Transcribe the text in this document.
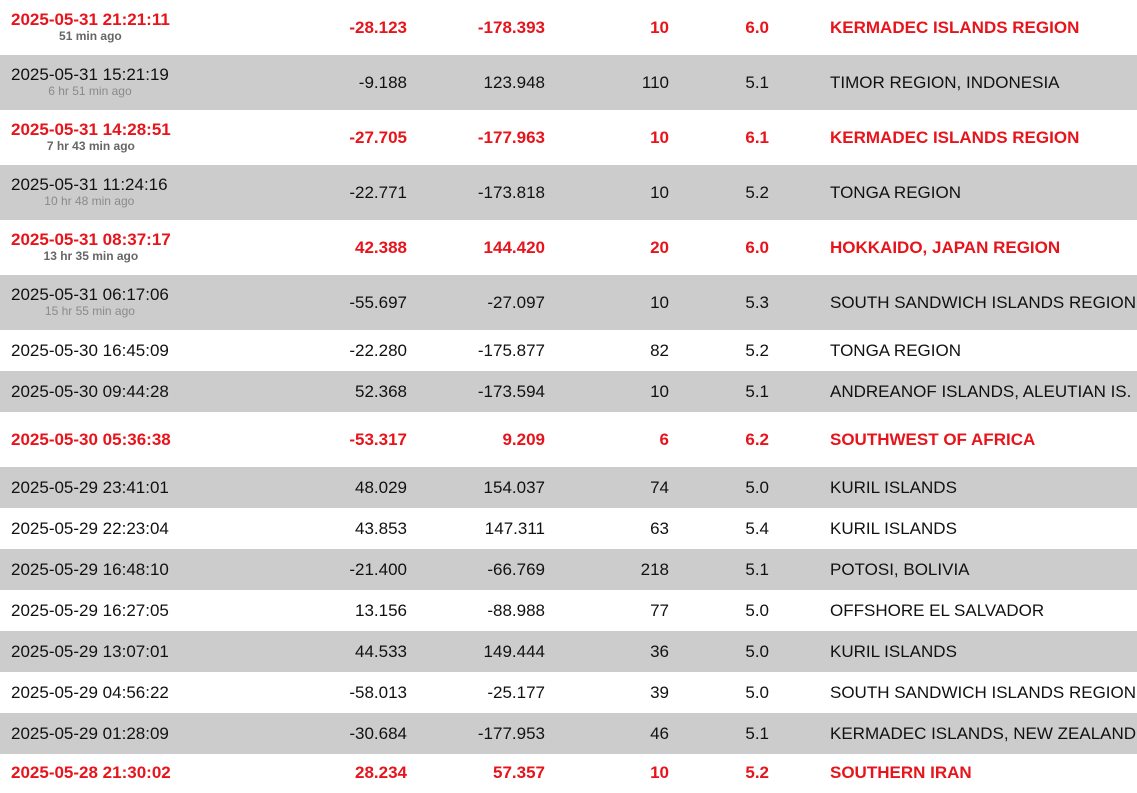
2025-05-31 21:21:11
51 min ago	-28.123	-178.393	10	6.0	KERMADEC ISLANDS REGION

2025-05-31 15:21:19
6 hr 51 min ago	-9.188	123.948	110	5.1	TIMOR REGION, INDONESIA

2025-05-31 14:28:51
7 hr 43 min ago	-27.705	-177.963	10	6.1	KERMADEC ISLANDS REGION

2025-05-31 11:24:16
10 hr 48 min ago	-22.771	-173.818	10	5.2	TONGA REGION

2025-05-31 08:37:17
13 hr 35 min ago	42.388	144.420	20	6.0	HOKKAIDO, JAPAN REGION

2025-05-31 06:17:06
15 hr 55 min ago	-55.697	-27.097	10	5.3	SOUTH SANDWICH ISLANDS REGION
2025-05-30 16:45:09	-22.280	-175.877	82	5.2	TONGA REGION
2025-05-30 09:44:28	52.368	-173.594	10	5.1	ANDREANOF ISLANDS, ALEUTIAN IS.
2025-05-30 05:36:38	-53.317	9.209	6	6.2	SOUTHWEST OF AFRICA
2025-05-29 23:41:01	48.029	154.037	74	5.0	KURIL ISLANDS
2025-05-29 22:23:04	43.853	147.311	63	5.4	KURIL ISLANDS
2025-05-29 16:48:10	-21.400	-66.769	218	5.1	POTOSI, BOLIVIA
2025-05-29 16:27:05	13.156	-88.988	77	5.0	OFFSHORE EL SALVADOR
2025-05-29 13:07:01	44.533	149.444	36	5.0	KURIL ISLANDS
2025-05-29 04:56:22	-58.013	-25.177	39	5.0	SOUTH SANDWICH ISLANDS REGION
2025-05-29 01:28:09	-30.684	-177.953	46	5.1	KERMADEC ISLANDS, NEW ZEALAND
2025-05-28 21:30:02	28.234	57.357	10	5.2	SOUTHERN IRAN
